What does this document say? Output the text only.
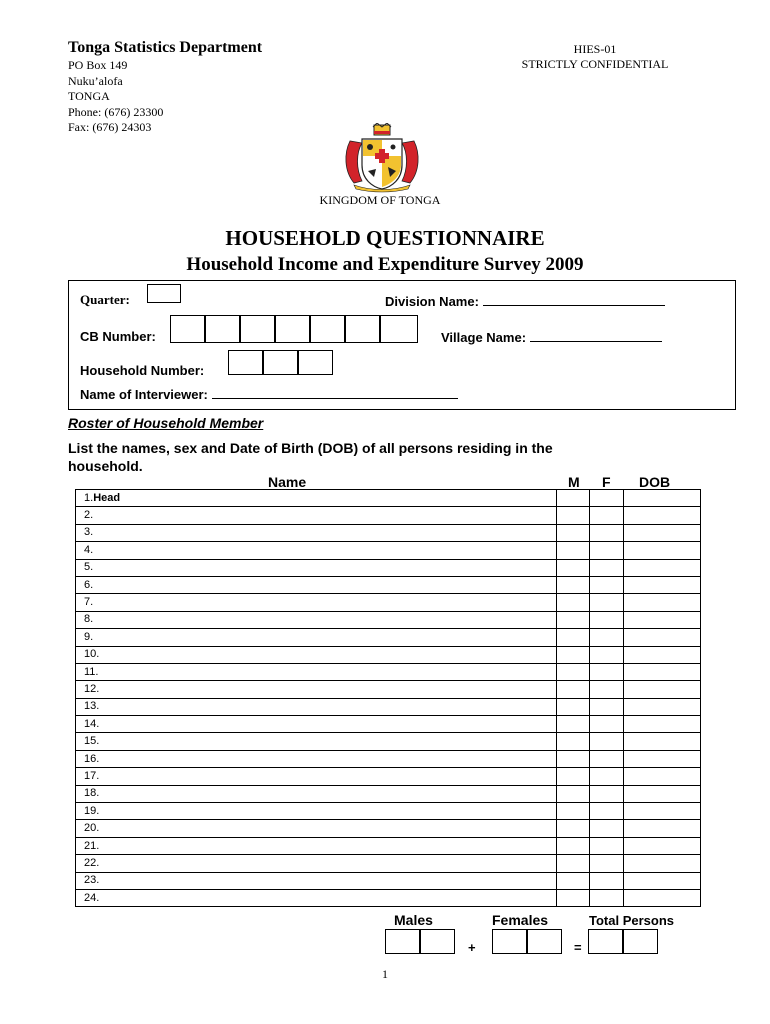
Tonga Statistics Department
PO Box 149
Nuku’alofa
TONGA
Phone: (676) 23300
Fax: (676) 24303
HIES-01
STRICTLY CONFIDENTIAL
KINGDOM OF TONGA
HOUSEHOLD QUESTIONNAIRE
Household Income and Expenditure Survey 2009
Quarter:	Division Name:
CB Number:	Village Name:
Household Number:
Name of Interviewer:
Roster of Household Member
List the names, sex and Date of Birth (DOB) of all persons residing in the household.
Name	M F DOB
1.Head			
2.			
3.			
4.			
5.			
6.			
7.			
8.			
9.			
10.			
11.			
12.			
13.			
14.			
15.			
16.			
17.			
18.			
19.			
20.			
21.			
22.			
23.			
24.			
Males	Females	Total Persons
+	=
1
